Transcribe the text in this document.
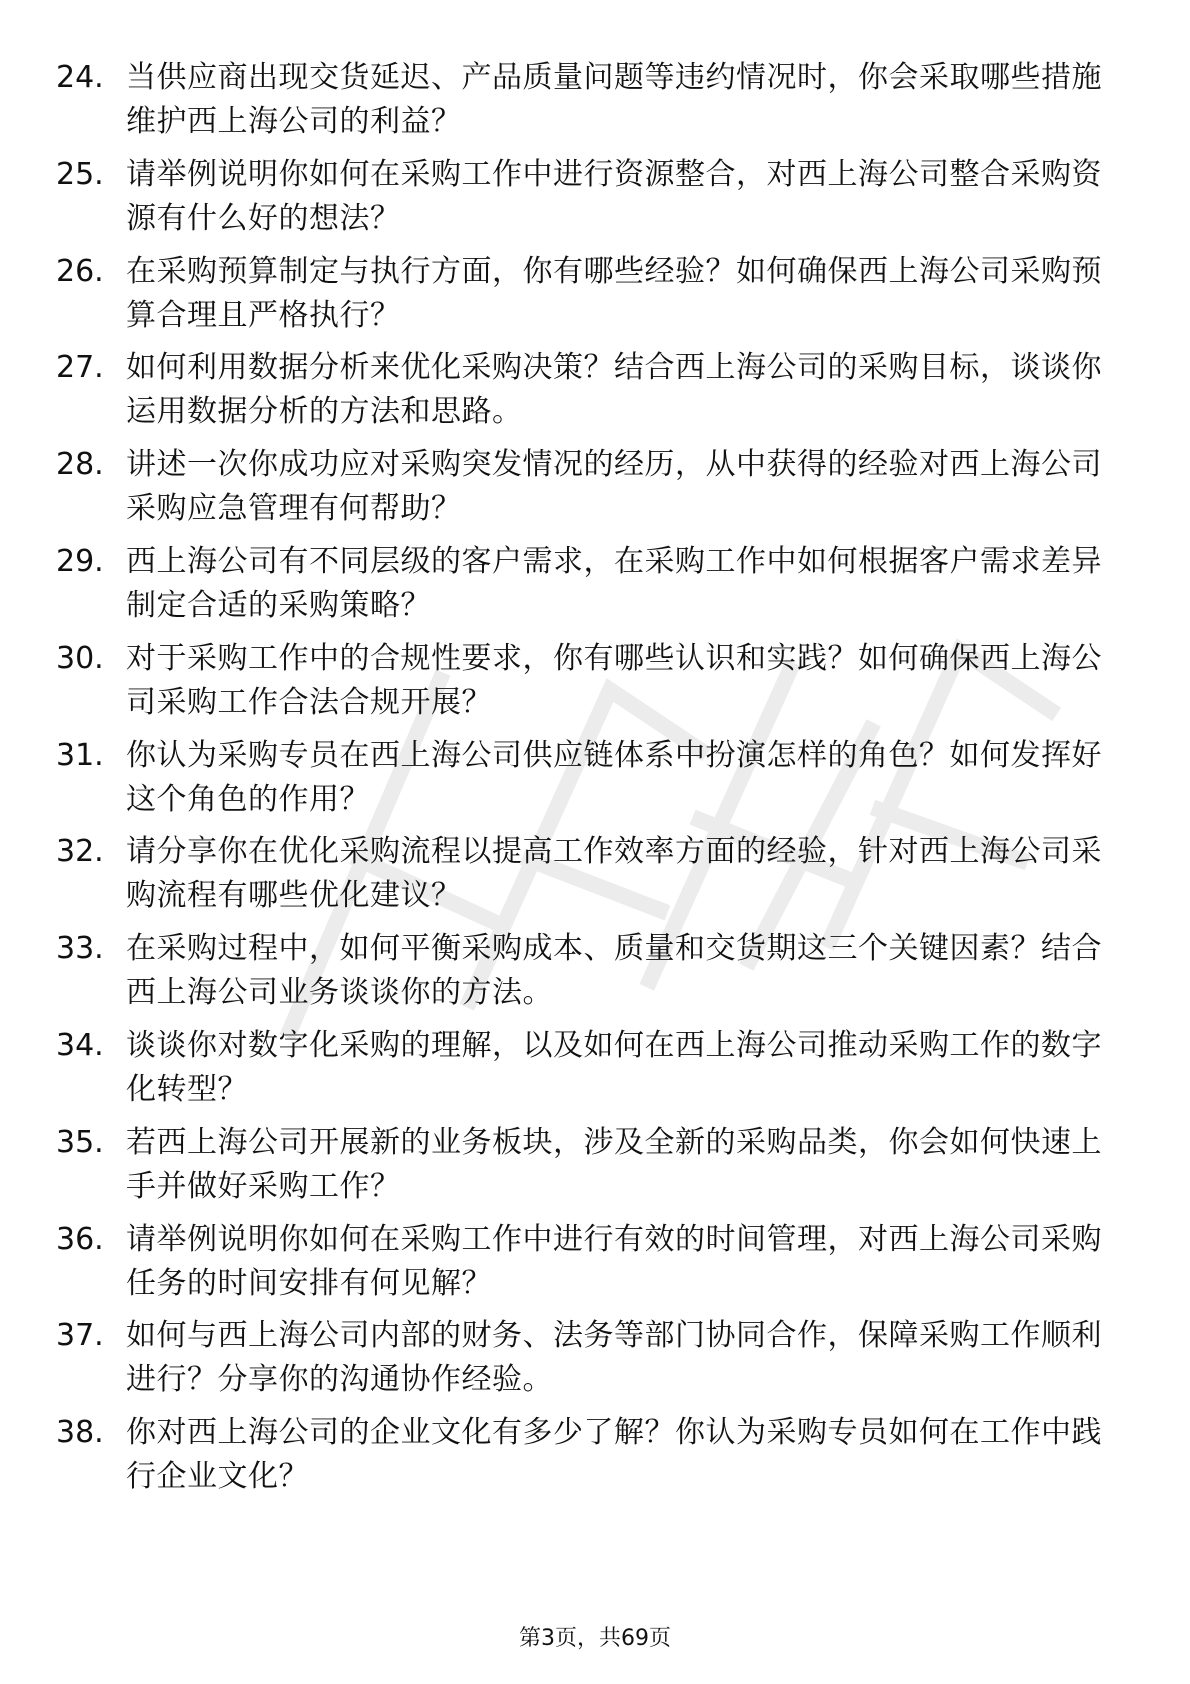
24. 当供应商出现交货延迟、产品质量问题等违约情况时，你会采取哪些措施维护西上海公司的利益？
25. 请举例说明你如何在采购工作中进行资源整合，对西上海公司整合采购资源有什么好的想法？
26. 在采购预算制定与执行方面，你有哪些经验？如何确保西上海公司采购预算合理且严格执行？
27. 如何利用数据分析来优化采购决策？结合西上海公司的采购目标，谈谈你运用数据分析的方法和思路。
28. 讲述一次你成功应对采购突发情况的经历，从中获得的经验对西上海公司采购应急管理有何帮助？
29. 西上海公司有不同层级的客户需求，在采购工作中如何根据客户需求差异制定合适的采购策略？
30. 对于采购工作中的合规性要求，你有哪些认识和实践？如何确保西上海公司采购工作合法合规开展？
31. 你认为采购专员在西上海公司供应链体系中扮演怎样的角色？如何发挥好这个角色的作用？
32. 请分享你在优化采购流程以提高工作效率方面的经验，针对西上海公司采购流程有哪些优化建议？
33. 在采购过程中，如何平衡采购成本、质量和交货期这三个关键因素？结合西上海公司业务谈谈你的方法。
34. 谈谈你对数字化采购的理解，以及如何在西上海公司推动采购工作的数字化转型？
35. 若西上海公司开展新的业务板块，涉及全新的采购品类，你会如何快速上手并做好采购工作？
36. 请举例说明你如何在采购工作中进行有效的时间管理，对西上海公司采购任务的时间安排有何见解？
37. 如何与西上海公司内部的财务、法务等部门协同合作，保障采购工作顺利进行？分享你的沟通协作经验。
38. 你对西上海公司的企业文化有多少了解？你认为采购专员如何在工作中践行企业文化？
第3页，共69页
